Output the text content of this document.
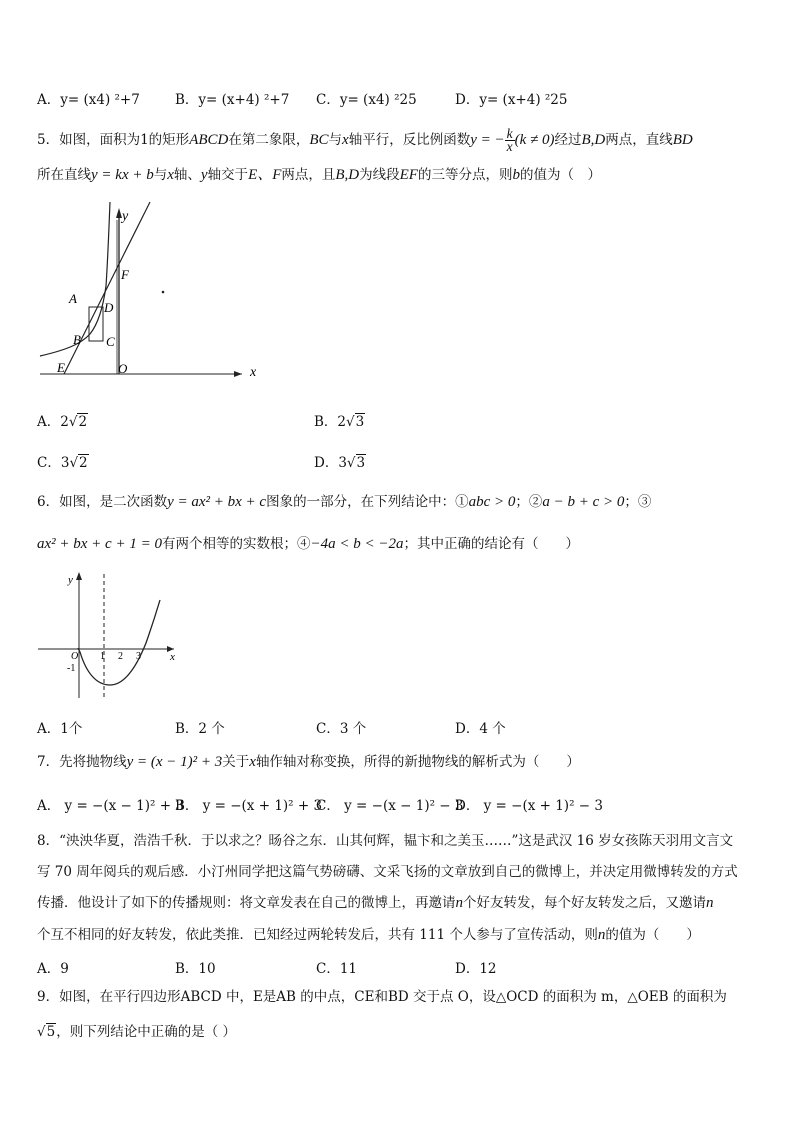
A．y= (x4) ²+7	B．y= (x+4) ²+7 C．y= (x4) ²25	D．y= (x+4) ²25
5．如图，面积为1的矩形ABCD在第二象限，BC与x轴平行，反比例函数y = − $\frac{k}{x} (k \ne 0)$经过B,D两点，直线BD
所在直线y = kx + b与x轴、y轴交于E、F两点，且B,D为线段EF的三等分点，则b的值为（　）
x
y
A
B C
D
E
F
O
A．2√2	B．2√3
C．3√2	D．3√3
6．如图，是二次函数y = ax² + bx + c图象的一部分，在下列结论中：①abc > 0；②a − b + c > 0；③
ax² + bx + c + 1 = 0有两个相等的实数根；④−4a < b < −2a；其中正确的结论有（　　）
x
y
O 1 2 3
-1
A．1个	B．2 个	C．3 个	D．4 个
7．先将抛物线y = (x − 1)² + 3关于x轴作轴对称变换，所得的新抛物线的解析式为（　　）
A． y = −(x − 1)² + 3
B． y = −(x + 1)² + 3
C． y = −(x − 1)² − 3
D． y = −(x + 1)² − 3
8．“泱泱华夏，浩浩千秋．于以求之？旸谷之东．山其何辉，韫卞和之美玉……”这是武汉 16 岁女孩陈天羽用文言文
写 70 周年阅兵的观后感．小汀州同学把这篇气势磅礴、文采飞扬的文章放到自己的微博上，并决定用微博转发的方式
传播．他设计了如下的传播规则：将文章发表在自己的微博上，再邀请n个好友转发，每个好友转发之后，又邀请n
个互不相同的好友转发，依此类推．已知经过两轮转发后，共有 111 个人参与了宣传活动，则n的值为（　　）
A．9	B．10	C．11	D．12
9．如图，在平行四边形ABCD 中，E是AB 的中点，CE和BD 交于点 O，设△OCD 的面积为 m，△OEB 的面积为
√5，则下列结论中正确的是（ ）
